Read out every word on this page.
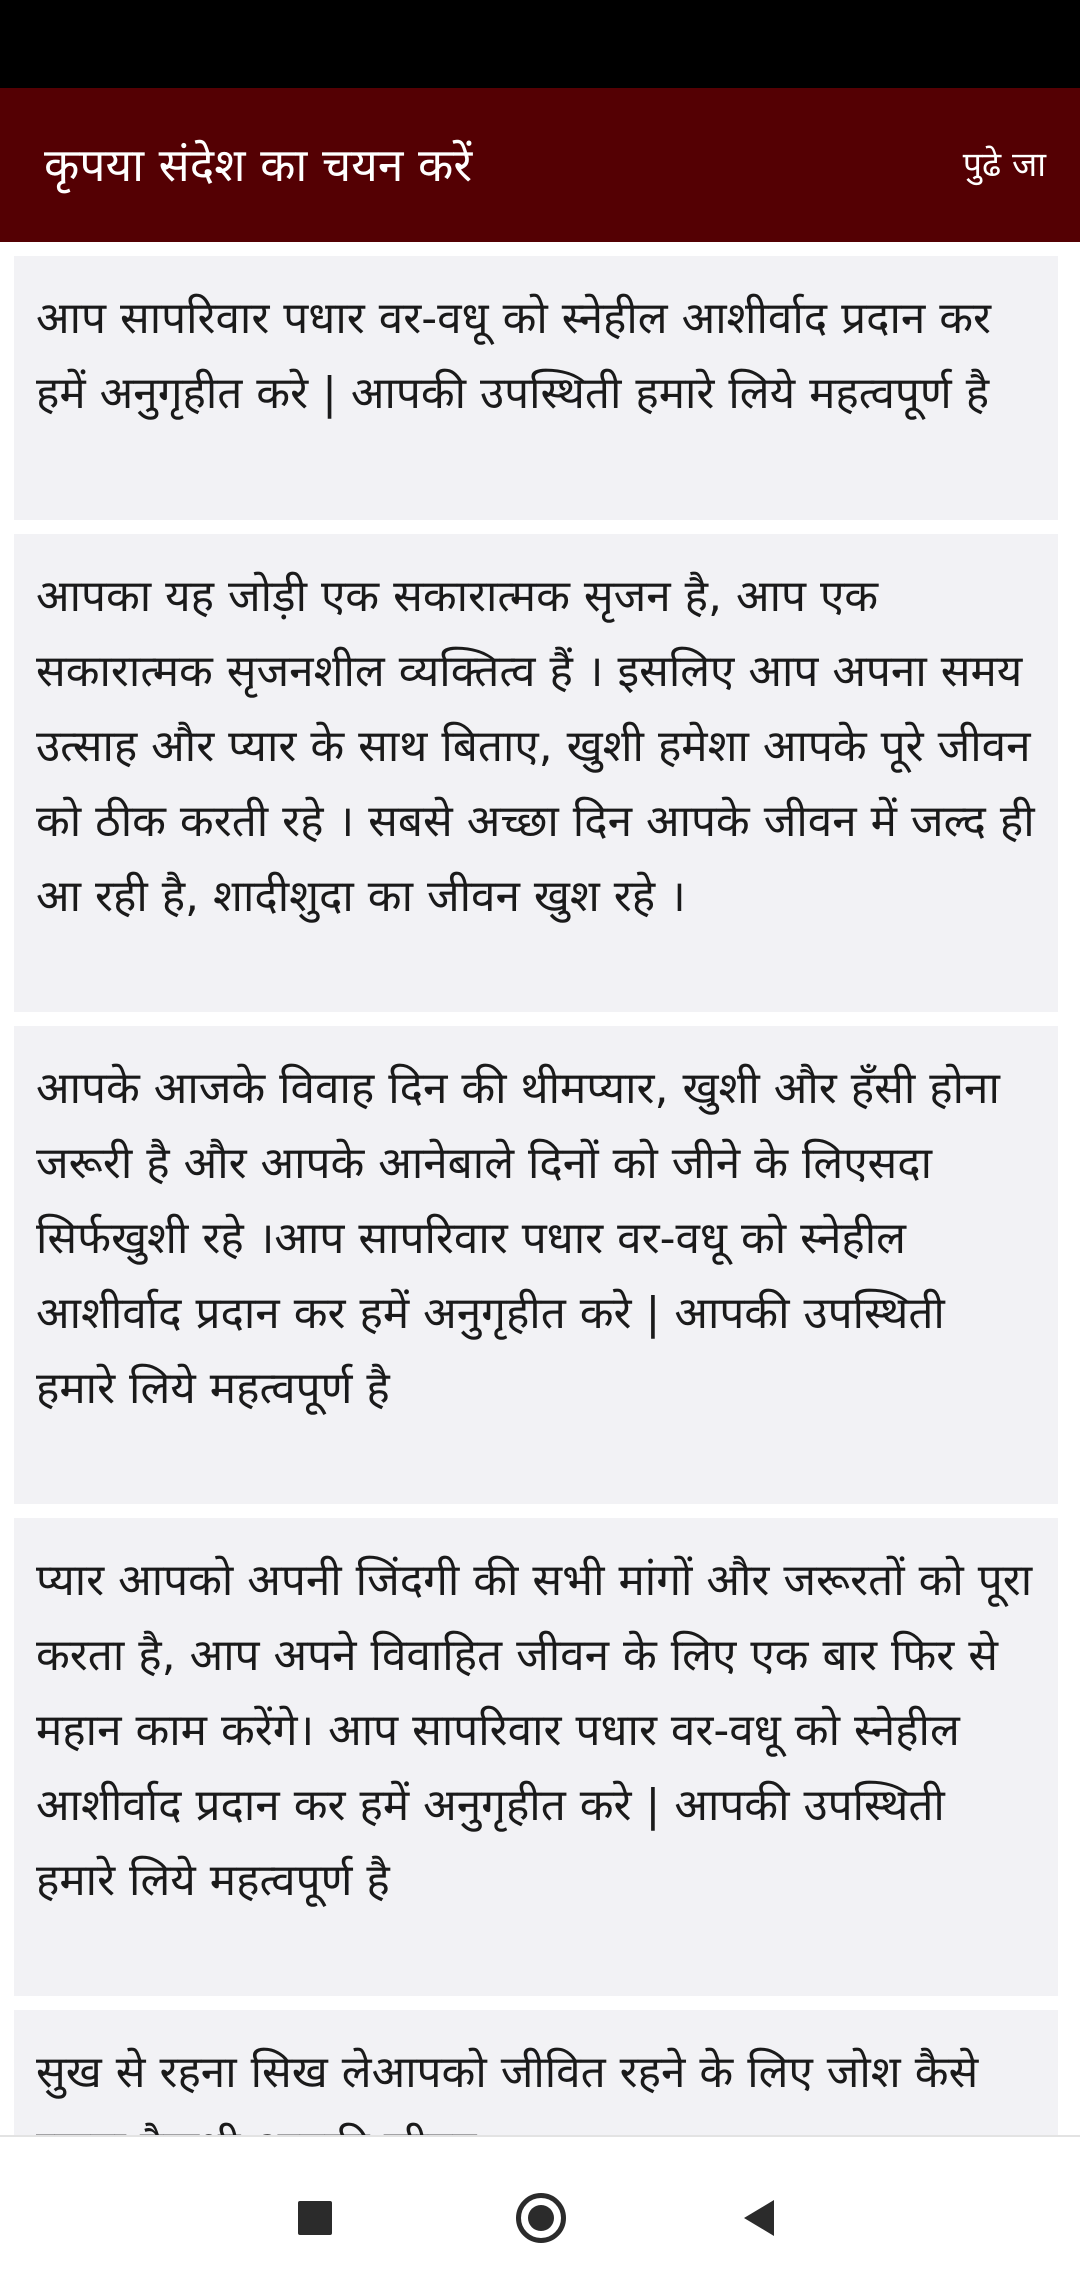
कृपया संदेश का चयन करें	पुढे जा
आप सापरिवार पधार वर-वधू को स्नेहील आशीर्वाद प्रदान कर हमें अनुगृहीत करे | आपकी उपस्थिती हमारे लिये महत्वपूर्ण है
आपका यह जोड़ी एक सकारात्मक सृजन है, आप एक सकारात्मक सृजनशील व्यक्तित्व हैं । इसलिए आप अपना समय उत्साह और प्यार के साथ बिताए, खुशी हमेशा आपके पूरे जीवन को ठीक करती रहे । सबसे अच्छा दिन आपके जीवन में जल्द ही आ रही है, शादीशुदा का जीवन खुश रहे ।
आपके आजके विवाह दिन की थीमप्यार, खुशी और हँसी होना जरूरी है और आपके आनेबाले दिनों को जीने के लिएसदा सिर्फखुशी रहे ।आप सापरिवार पधार वर-वधू को स्नेहील आशीर्वाद प्रदान कर हमें अनुगृहीत करे | आपकी उपस्थिती हमारे लिये महत्वपूर्ण है
प्यार आपको अपनी जिंदगी की सभी मांगों और जरूरतों को पूरा करता है, आप अपने विवाहित जीवन के लिए एक बार फिर से महान काम करेंगे। आप सापरिवार पधार वर-वधू को स्नेहील आशीर्वाद प्रदान कर हमें अनुगृहीत करे | आपकी उपस्थिती हमारे लिये महत्वपूर्ण है
सुख से रहना सिख लेआपको जीवित रहने के लिए जोश कैसे
